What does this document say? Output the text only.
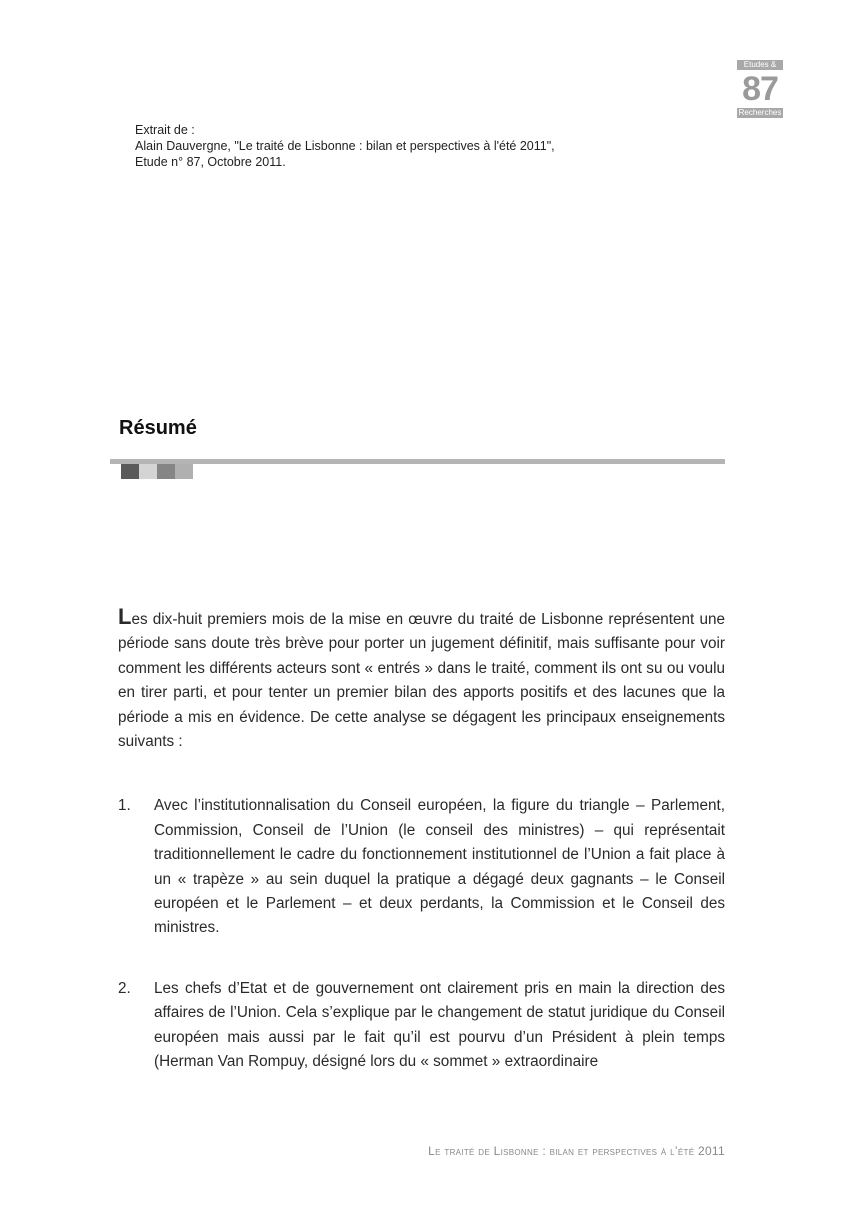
Etudes &
87
Recherches
Extrait de :
Alain Dauvergne, "Le traité de Lisbonne : bilan et perspectives à l'été 2011",
Etude n° 87, Octobre 2011.
Résumé
Les dix-huit premiers mois de la mise en œuvre du traité de Lisbonne représentent une période sans doute très brève pour porter un jugement définitif, mais suffisante pour voir comment les différents acteurs sont « entrés » dans le traité, comment ils ont su ou voulu en tirer parti, et pour tenter un premier bilan des apports positifs et des lacunes que la période a mis en évidence. De cette analyse se dégagent les principaux enseignements suivants :
1. Avec l’institutionnalisation du Conseil européen, la figure du triangle – Parlement, Commission, Conseil de l’Union (le conseil des ministres) – qui représentait traditionnellement le cadre du fonctionnement institutionnel de l’Union a fait place à un « trapèze » au sein duquel la pratique a dégagé deux gagnants – le Conseil européen et le Parlement – et deux perdants, la Commission et le Conseil des ministres.
2. Les chefs d’Etat et de gouvernement ont clairement pris en main la direction des affaires de l’Union. Cela s’explique par le changement de statut juridique du Conseil européen mais aussi par le fait qu’il est pourvu d’un Président à plein temps (Herman Van Rompuy, désigné lors du « sommet » extraordinaire
Le traité de Lisbonne : bilan et perspectives à l’été 2011
